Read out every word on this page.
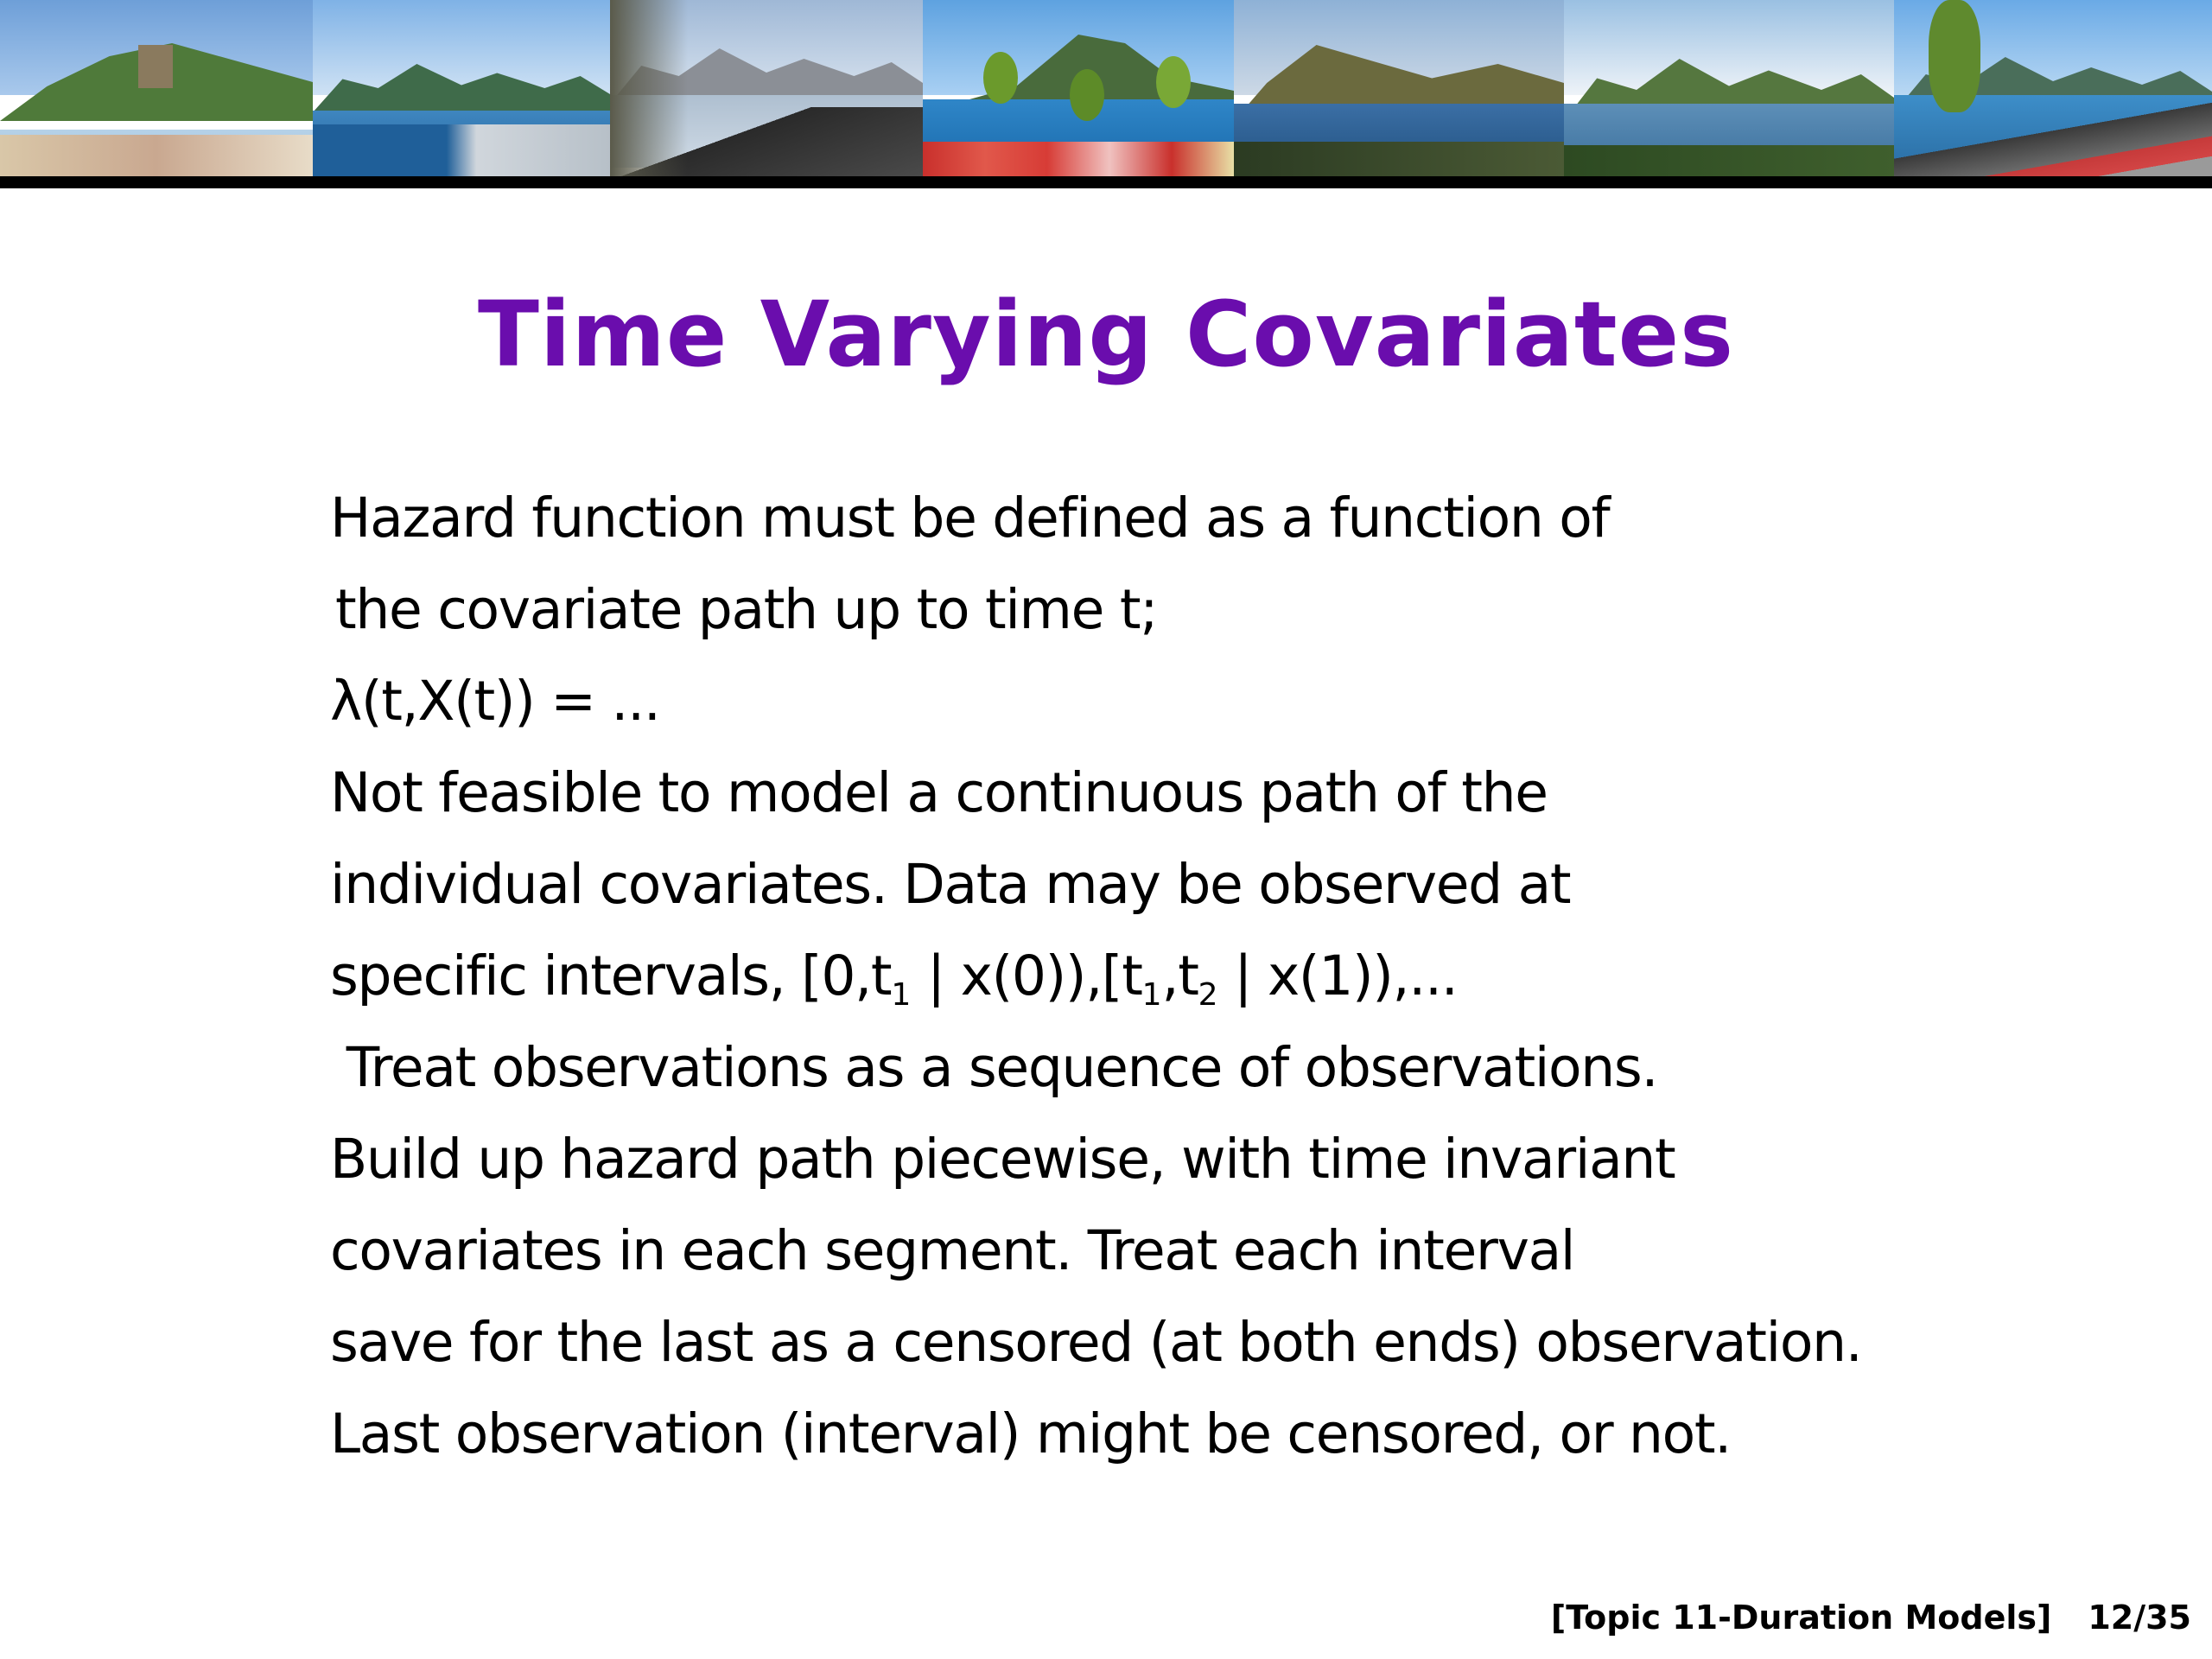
Time Varying Covariates
Hazard function must be defined as a function of
the covariate path up to time t;
λ(t,X(t)) = ...
Not feasible to model a continuous path of the
individual covariates. Data may be observed at
specific intervals, [$0,t_1$ | $x(0)),[t_1,t_2$ | x(1)),...
Treat observations as a sequence of observations.
Build up hazard path piecewise, with time invariant
covariates in each segment. Treat each interval
save for the last as a censored (at both ends) observation.
Last observation (interval) might be censored, or not.
[Topic 11-Duration Models] 12/35
